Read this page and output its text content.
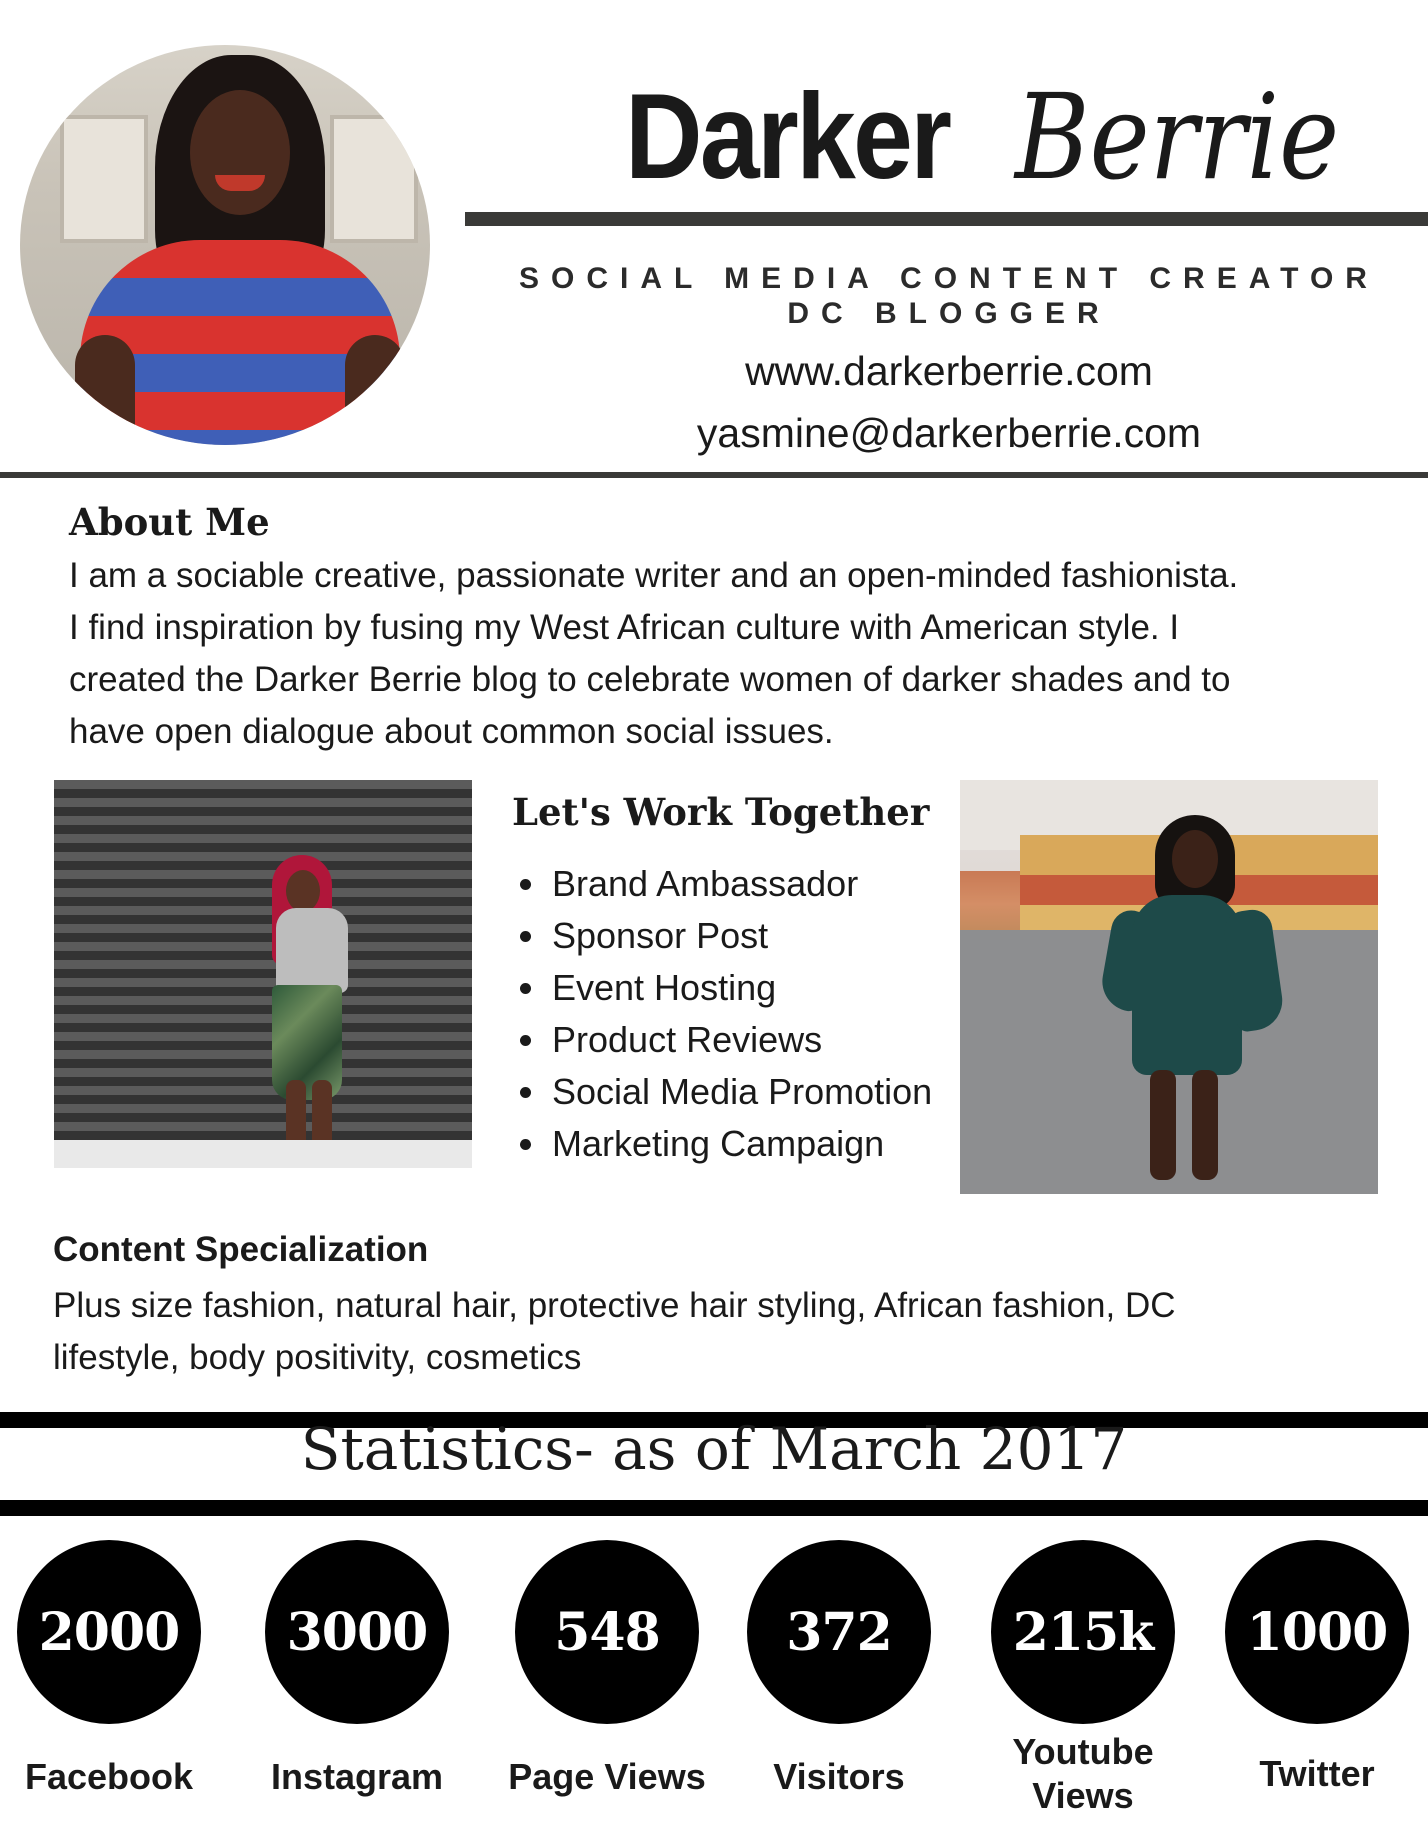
Darker Berrie
SOCIAL MEDIA CONTENT CREATOR
DC BLOGGER
www.darkerberrie.com
yasmine@darkerberrie.com
About Me
I am a sociable creative, passionate writer and an open-minded fashionista.
I find inspiration by fusing my West African culture with American style. I
created the Darker Berrie blog to celebrate women of darker shades and to
have open dialogue about common social issues.
Let's Work Together
Brand Ambassador
Sponsor Post
Event Hosting
Product Reviews
Social Media Promotion
Marketing Campaign
Content Specialization
Plus size fashion, natural hair, protective hair styling, African fashion, DC
lifestyle, body positivity, cosmetics
Statistics- as of March 2017
2000
Facebook
3000
Instagram
548
Page Views
372
Visitors
215k
Youtube
Views
1000
Twitter
